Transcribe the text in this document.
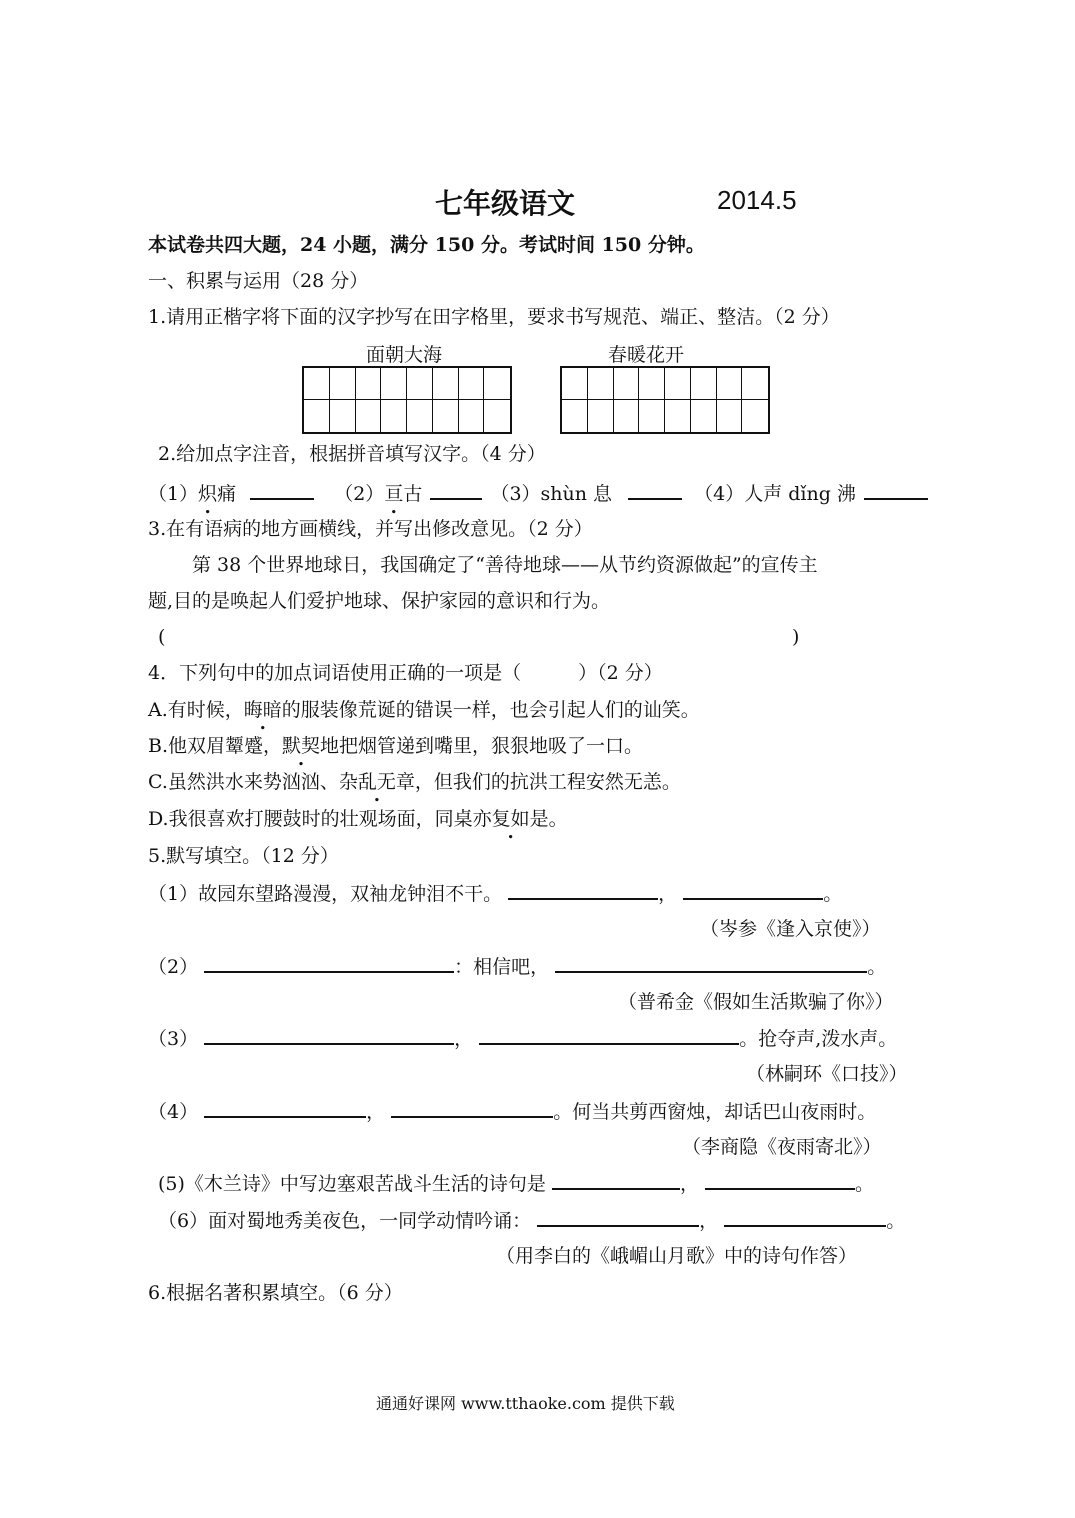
七年级语文	2014.5
本试卷共四大题，24 小题，满分 150 分。考试时间 150 分钟。
一、积累与运用（28 分）
1.请用正楷字将下面的汉字抄写在田字格里，要求书写规范、端正、整洁。（2 分）
面朝大海	春暖花开
2.给加点字注音，根据拼音填写汉字。（4 分）
（1）炽痛	（2）亘古	（3）shùn 息	（4）人声 dǐng 沸
3.在有语病的地方画横线，并写出修改意见。（2 分）
第 38 个世界地球日，我国确定了“善待地球——从节约资源做起”的宣传主
题,目的是唤起人们爱护地球、保护家园的意识和行为。
(	)
4．下列句中的加点词语使用正确的一项是（　　　）（2 分）
A.有时候，晦暗的服装像荒诞的错误一样，也会引起人们的讪笑。
B.他双眉颦蹙，默契地把烟管递到嘴里，狠狠地吸了一口。
C.虽然洪水来势汹汹、杂乱无章，但我们的抗洪工程安然无恙。
D.我很喜欢打腰鼓时的壮观场面，同桌亦复如是。
5.默写填空。（12 分）
（1）故园东望路漫漫，双袖龙钟泪不干。	，	。
（岑参《逢入京使》）
（2）	：相信吧，	。
（普希金《假如生活欺骗了你》）
（3）	，	。抢夺声,泼水声。
（林嗣环《口技》）
（4）	，	。何当共剪西窗烛，却话巴山夜雨时。
（李商隐《夜雨寄北》）
(5)《木兰诗》中写边塞艰苦战斗生活的诗句是	，	。
（6）面对蜀地秀美夜色，一同学动情吟诵：	，	。
（用李白的《峨嵋山月歌》中的诗句作答）
6.根据名著积累填空。（6 分）
通通好课网 www.tthaoke.com 提供下载
